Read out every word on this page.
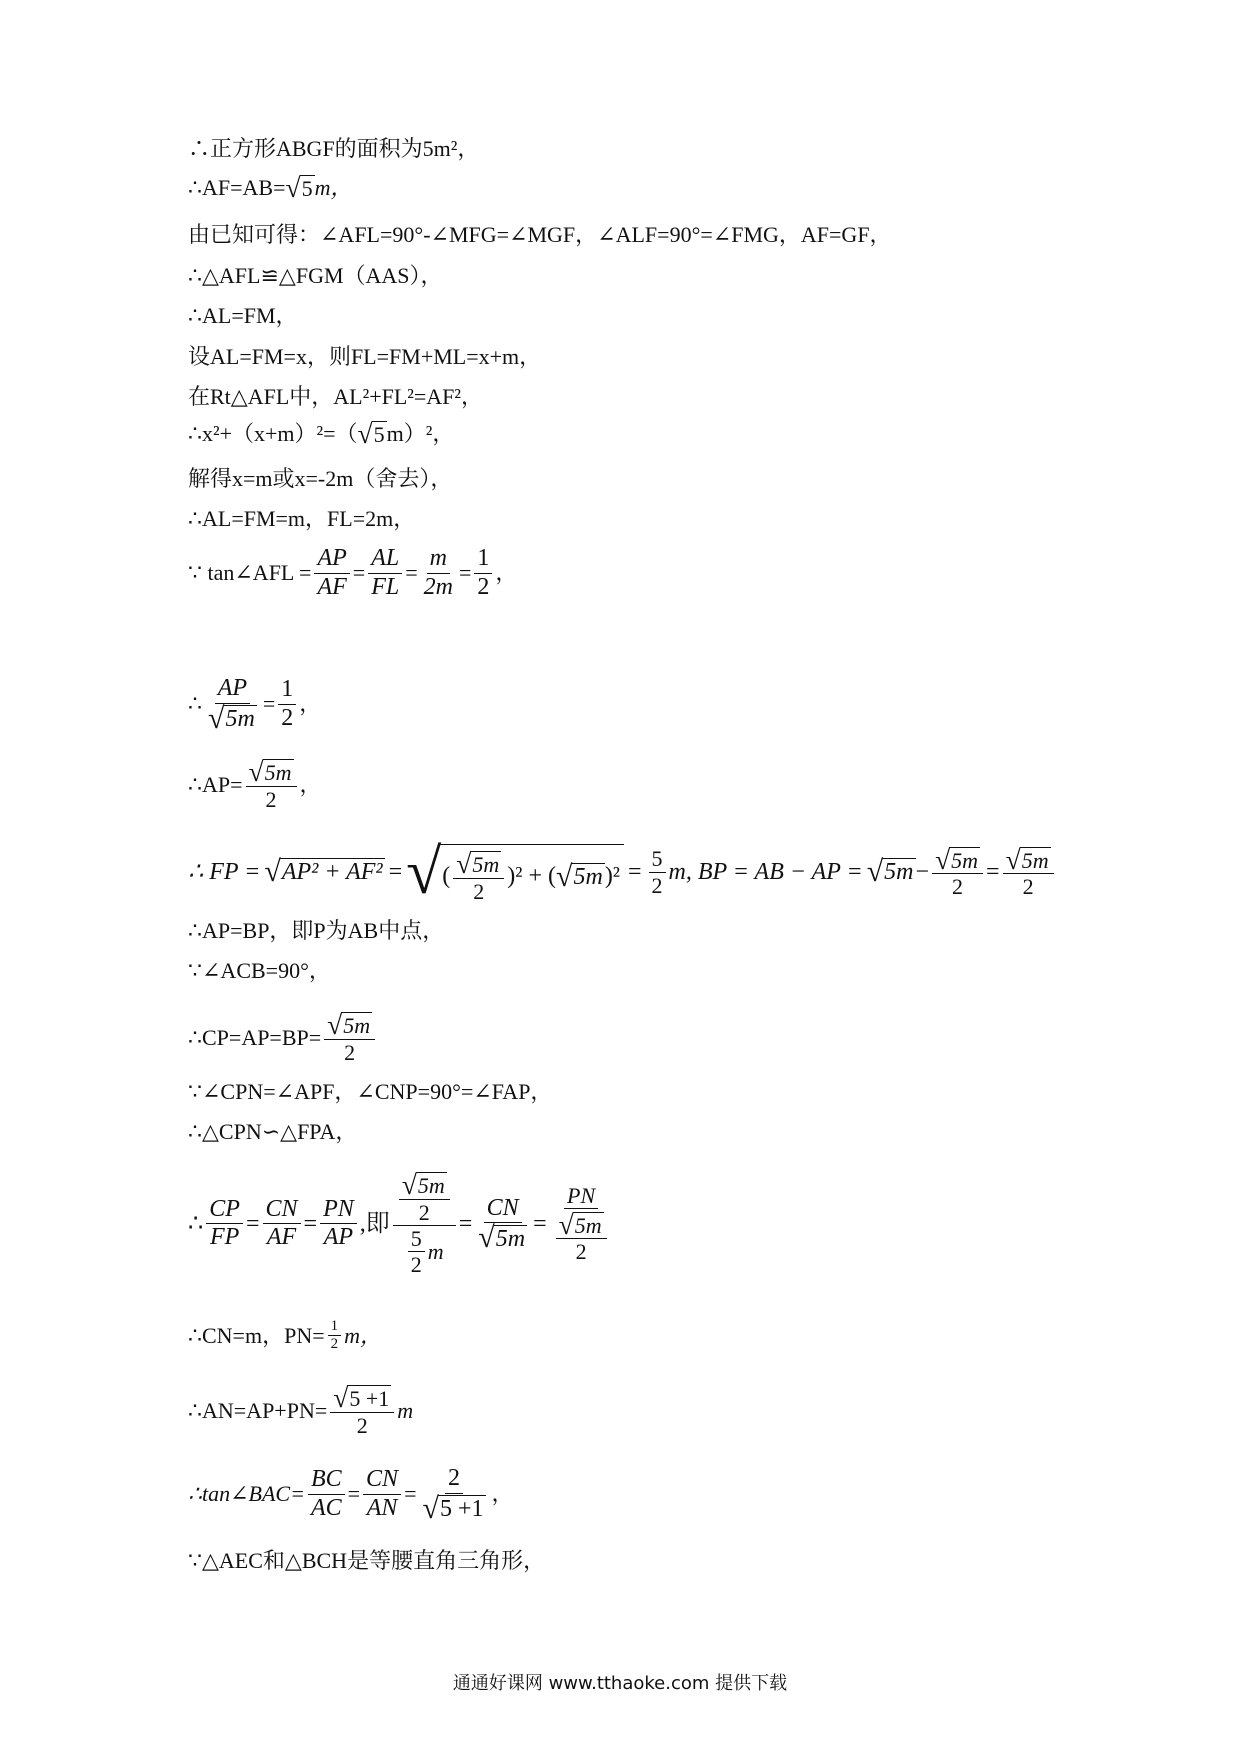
∴正方形ABGF的面积为5m²，
∴AF=AB= √ 5 m，
由已知可得：∠AFL=90°-∠MFG=∠MGF，∠ALF=90°=∠FMG，AF=GF，
∴△AFL≌△FGM（AAS），
∴AL=FM，
设AL=FM=x，则FL=FM+ML=x+m，
在Rt△AFL中，AL²+FL²=AF²，
∴x²+（x+m）²=（ √ 5 m）²，
解得x=m或x=-2m（舍去），
∴AL=FM=m，FL=2m，
∵ tan∠AFL = $\frac{AP}{AF} = \frac{AL}{FL} = \frac{m}{2m} = \frac{1}{2}$ ，
∴ $\frac{AP}{√ 5m} = \frac{1}{2}$ ，
∴AP= $\frac{√ 5m}{2}$ ，
∴ FP = √ AP² + AF² = √ ( $\frac{√ 5m}{2} )^2$ + ( √ 5m )$^2 = \frac{5}{2} m$, BP = AB − AP = √ $5m - \frac{√ 5m}{2} = \frac{√ 5m}{2}$
∴AP=BP，即P为AB中点，
∵∠ACB=90°，
∴CP=AP=BP= $\frac{√ 5m}{2}$
∵∠CPN=∠APF，∠CNP=90°=∠FAP，
∴△CPN∽△FPA，
∴ $\frac{CP}{FP} = \frac{CN}{AF} = \frac{PN}{AP}$ ,即 $\frac{\frac{√ 5m}{2}}{\frac{5}{2} m} = \frac{CN}{√ 5m} = \frac{PN}{\frac{√ 5m}{2}}$
∴CN=m，$PN= \frac{1}{2}$ m，
∴AN=AP+PN= $\frac{√ 5 +1}{2}$ m
∴tan∠BAC= $\frac{BC}{AC} = \frac{CN}{AN} = \frac{2}{√ 5 +1}$ ，
∵△AEC和△BCH是等腰直角三角形，
通通好课网 www.tthaoke.com 提供下载
